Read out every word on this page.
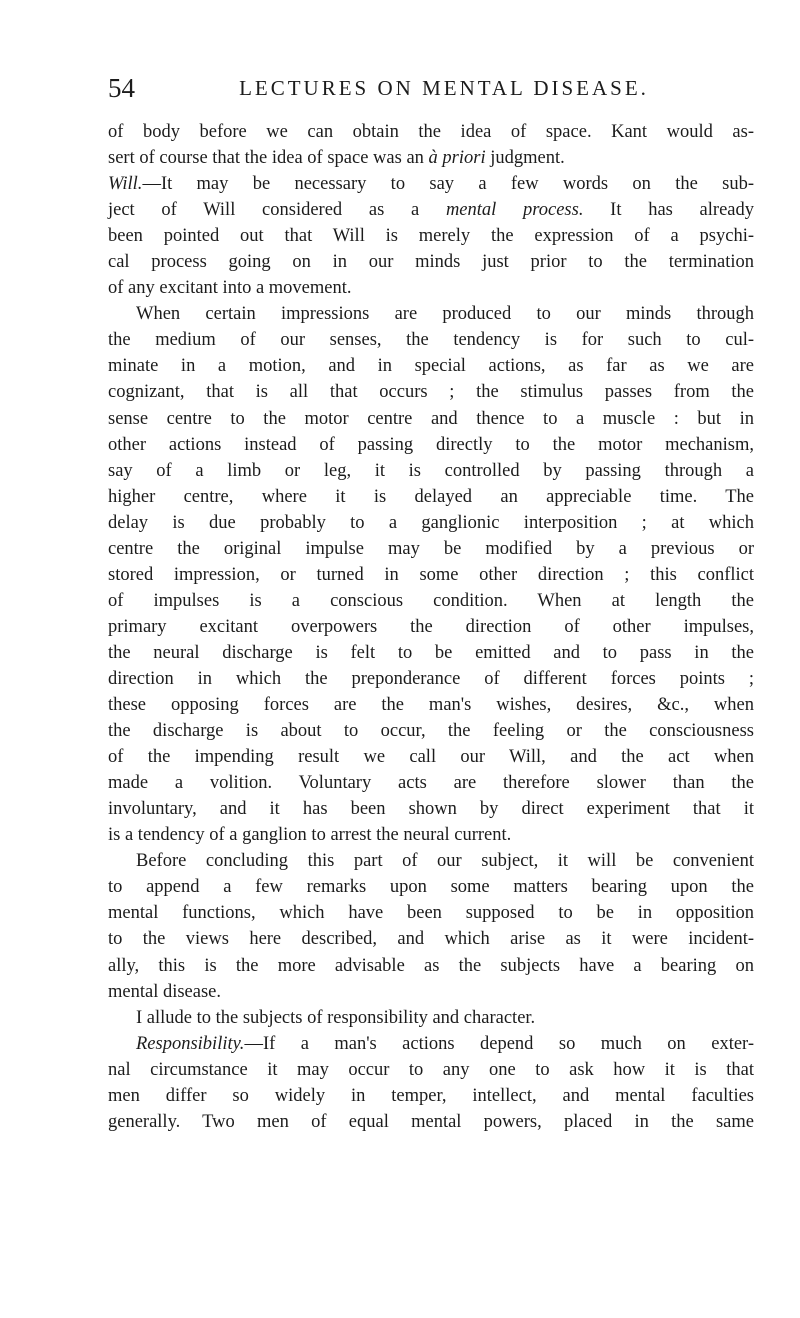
54	LECTURES ON MENTAL DISEASE.
of body before we can obtain the idea of space. Kant would as-
sert of course that the idea of space was an à priori judgment.
Will.—It may be necessary to say a few words on the sub-
ject of Will considered as a mental process. It has already
been pointed out that Will is merely the expression of a psychi-
cal process going on in our minds just prior to the termination
of any excitant into a movement.
When certain impressions are produced to our minds through
the medium of our senses, the tendency is for such to cul-
minate in a motion, and in special actions, as far as we are
cognizant, that is all that occurs ; the stimulus passes from the
sense centre to the motor centre and thence to a muscle : but in
other actions instead of passing directly to the motor mechanism,
say of a limb or leg, it is controlled by passing through a
higher centre, where it is delayed an appreciable time. The
delay is due probably to a ganglionic interposition ; at which
centre the original impulse may be modified by a previous or
stored impression, or turned in some other direction ; this conflict
of impulses is a conscious condition. When at length the
primary excitant overpowers the direction of other impulses,
the neural discharge is felt to be emitted and to pass in the
direction in which the preponderance of different forces points ;
these opposing forces are the man's wishes, desires, &c., when
the discharge is about to occur, the feeling or the consciousness
of the impending result we call our Will, and the act when
made a volition. Voluntary acts are therefore slower than the
involuntary, and it has been shown by direct experiment that it
is a tendency of a ganglion to arrest the neural current.
Before concluding this part of our subject, it will be convenient
to append a few remarks upon some matters bearing upon the
mental functions, which have been supposed to be in opposition
to the views here described, and which arise as it were incident-
ally, this is the more advisable as the subjects have a bearing on
mental disease.
I allude to the subjects of responsibility and character.
Responsibility.—If a man's actions depend so much on exter-
nal circumstance it may occur to any one to ask how it is that
men differ so widely in temper, intellect, and mental faculties
generally. Two men of equal mental powers, placed in the same
